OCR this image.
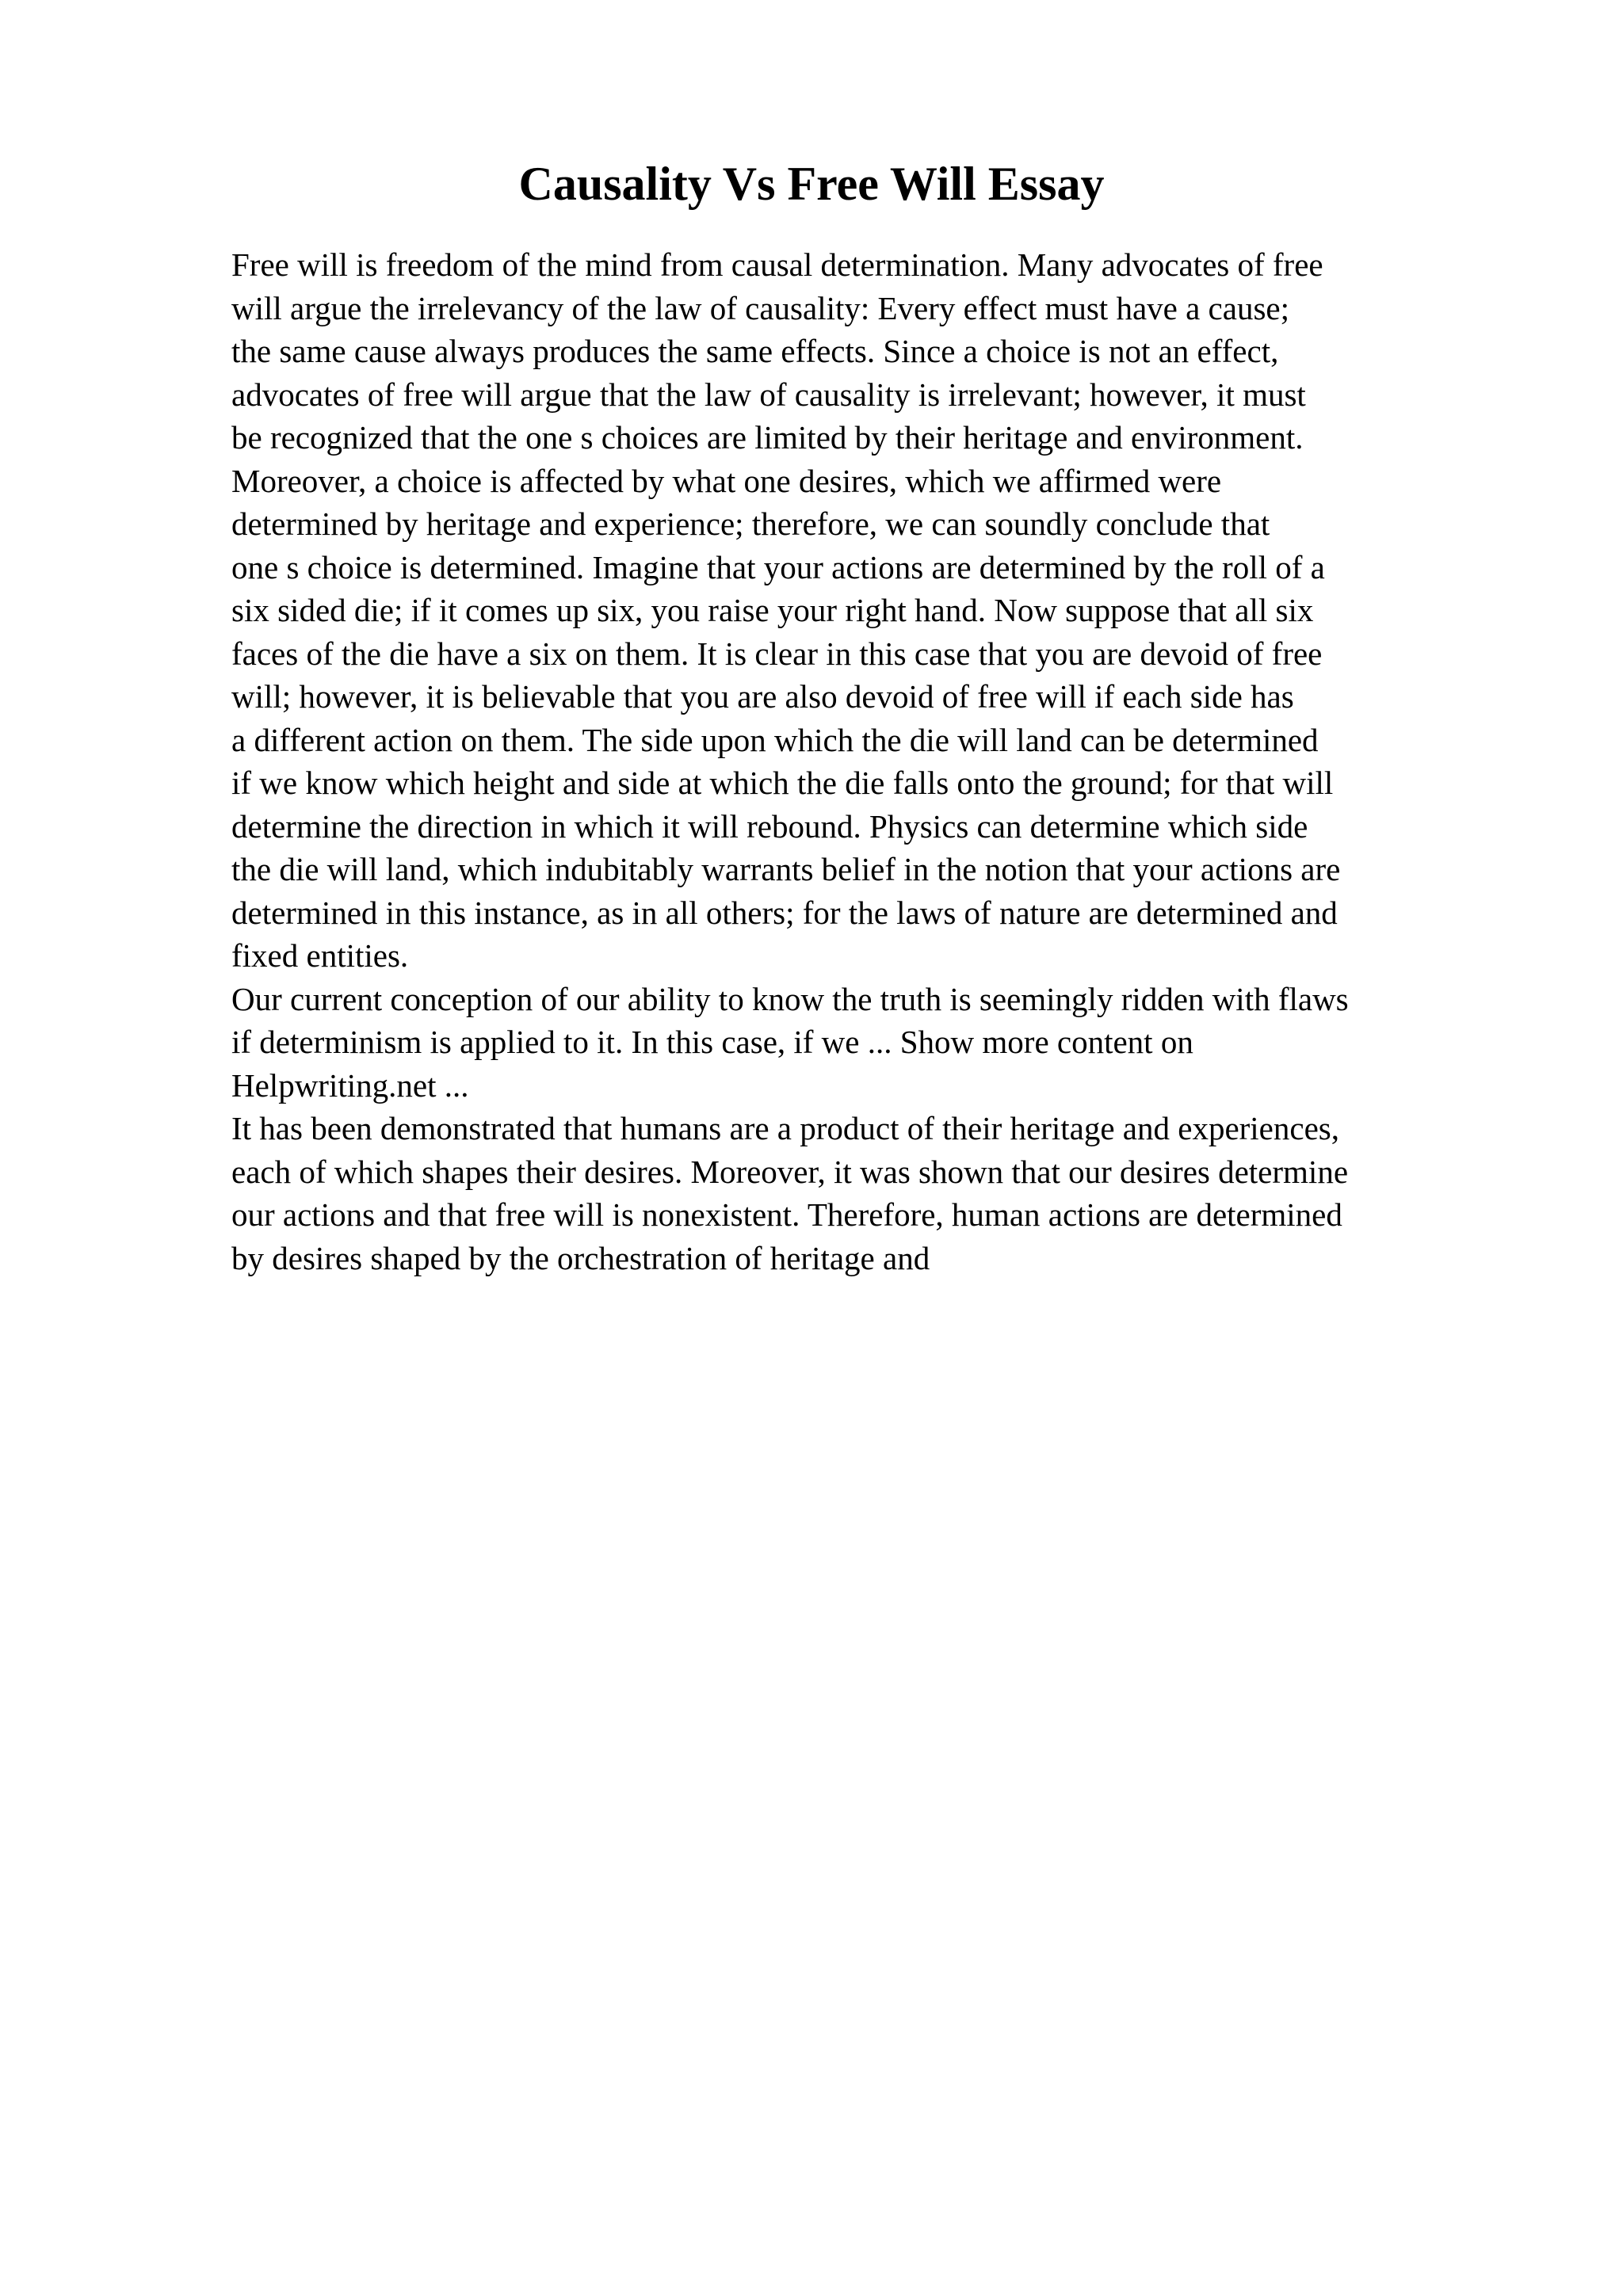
Causality Vs Free Will Essay
Free will is freedom of the mind from causal determination. Many advocates of free
will argue the irrelevancy of the law of causality: Every effect must have a cause;
the same cause always produces the same effects. Since a choice is not an effect,
advocates of free will argue that the law of causality is irrelevant; however, it must
be recognized that the one s choices are limited by their heritage and environment.
Moreover, a choice is affected by what one desires, which we affirmed were
determined by heritage and experience; therefore, we can soundly conclude that
one s choice is determined. Imagine that your actions are determined by the roll of a
six sided die; if it comes up six, you raise your right hand. Now suppose that all six
faces of the die have a six on them. It is clear in this case that you are devoid of free
will; however, it is believable that you are also devoid of free will if each side has
a different action on them. The side upon which the die will land can be determined
if we know which height and side at which the die falls onto the ground; for that will
determine the direction in which it will rebound. Physics can determine which side
the die will land, which indubitably warrants belief in the notion that your actions are
determined in this instance, as in all others; for the laws of nature are determined and
fixed entities.
Our current conception of our ability to know the truth is seemingly ridden with flaws
if determinism is applied to it. In this case, if we ... Show more content on
Helpwriting.net ...
It has been demonstrated that humans are a product of their heritage and experiences,
each of which shapes their desires. Moreover, it was shown that our desires determine
our actions and that free will is nonexistent. Therefore, human actions are determined
by desires shaped by the orchestration of heritage and
